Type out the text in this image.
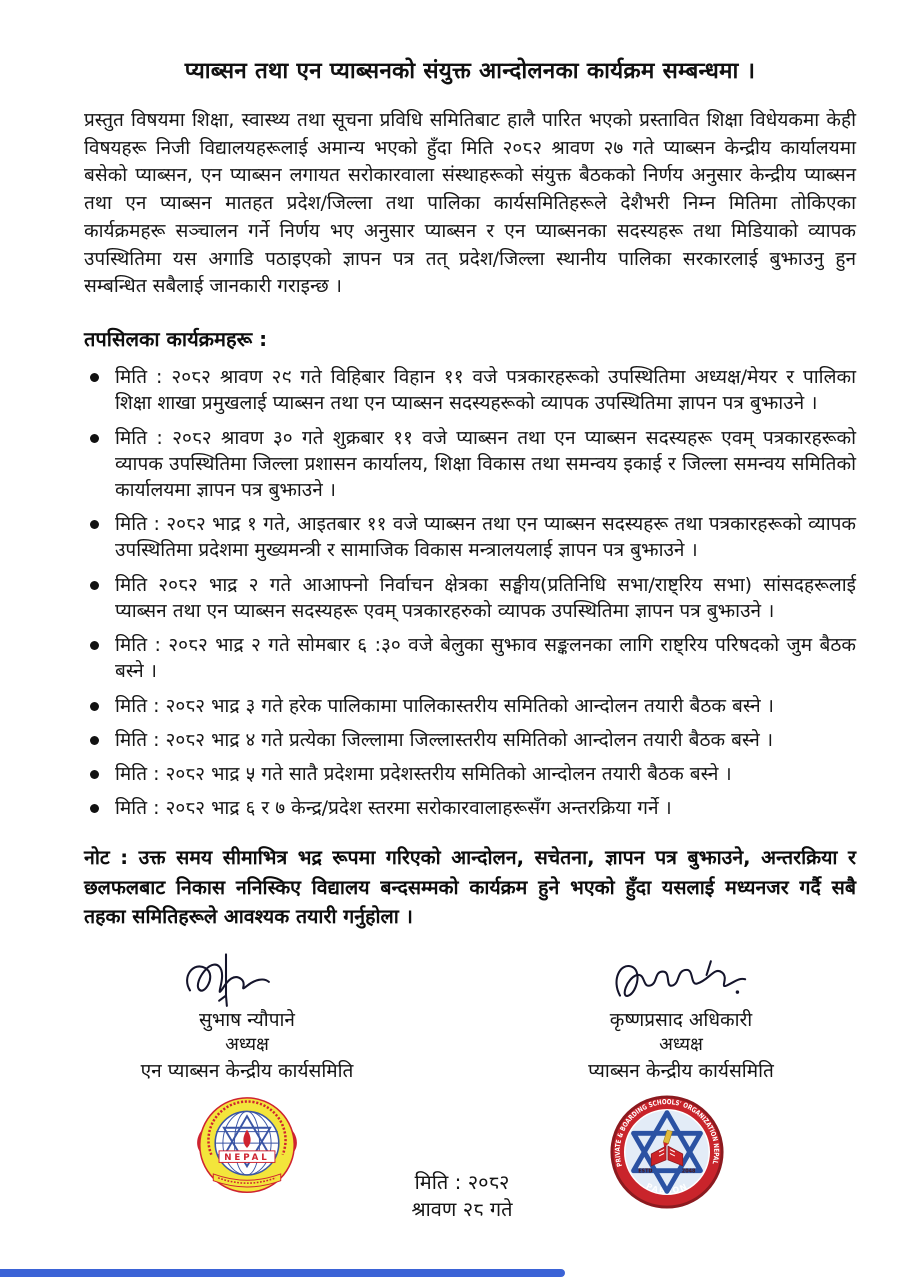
प्याब्सन तथा एन प्याब्सनको संयुक्त आन्दोलनका कार्यक्रम सम्बन्धमा ।

प्रस्तुत विषयमा शिक्षा, स्वास्थ्य तथा सूचना प्रविधि समितिबाट हालै पारित भएको प्रस्तावित शिक्षा विधेयकमा केही विषयहरू निजी विद्यालयहरूलाई अमान्य भएको हुँदा मिति २०८२ श्रावण २७ गते प्याब्सन केन्द्रीय कार्यालयमा बसेको प्याब्सन, एन प्याब्सन लगायत सरोकारवाला संस्थाहरूको संयुक्त बैठकको निर्णय अनुसार केन्द्रीय प्याब्सन तथा एन प्याब्सन मातहत प्रदेश/जिल्ला तथा पालिका कार्यसमितिहरूले देशैभरी निम्न मितिमा तोकिएका कार्यक्रमहरू सञ्चालन गर्ने निर्णय भए अनुसार प्याब्सन र एन प्याब्सनका सदस्यहरू तथा मिडियाको व्यापक उपस्थितिमा यस अगाडि पठाइएको ज्ञापन पत्र तत् प्रदेश/जिल्ला स्थानीय पालिका सरकारलाई बुझाउनु हुन सम्बन्धित सबैलाई जानकारी गराइन्छ ।

तपसिलका कार्यक्रमहरू :
मिति : २०८२ श्रावण २९ गते विहिबार विहान ११ वजे पत्रकारहरूको उपस्थितिमा अध्यक्ष/मेयर र पालिका शिक्षा शाखा प्रमुखलाई प्याब्सन तथा एन प्याब्सन सदस्यहरूको व्यापक उपस्थितिमा ज्ञापन पत्र बुझाउने ।
मिति : २०८२ श्रावण ३० गते शुक्रबार ११ वजे प्याब्सन तथा एन प्याब्सन सदस्यहरू एवम् पत्रकारहरूको व्यापक उपस्थितिमा जिल्ला प्रशासन कार्यालय, शिक्षा विकास तथा समन्वय इकाई र जिल्ला समन्वय समितिको कार्यालयमा ज्ञापन पत्र बुझाउने ।
मिति : २०८२ भाद्र १ गते, आइतबार ११ वजे प्याब्सन तथा एन प्याब्सन सदस्यहरू तथा पत्रकारहरूको व्यापक उपस्थितिमा प्रदेशमा मुख्यमन्त्री र सामाजिक विकास मन्त्रालयलाई ज्ञापन पत्र बुझाउने ।
मिति २०८२ भाद्र २ गते आआफ्नो निर्वाचन क्षेत्रका सङ्घीय(प्रतिनिधि सभा/राष्ट्रिय सभा) सांसदहरूलाई प्याब्सन तथा एन प्याब्सन सदस्यहरू एवम् पत्रकारहरुको व्यापक उपस्थितिमा ज्ञापन पत्र बुझाउने ।
मिति : २०८२ भाद्र २ गते सोमबार ६ :३० वजे बेलुका सुझाव सङ्कलनका लागि राष्ट्रिय परिषदको जुम बैठक बस्ने ।
मिति : २०८२ भाद्र ३ गते हरेक पालिकामा पालिकास्तरीय समितिको आन्दोलन तयारी बैठक बस्ने ।
मिति : २०८२ भाद्र ४ गते प्रत्येका जिल्लामा जिल्लास्तरीय समितिको आन्दोलन तयारी बैठक बस्ने ।
मिति : २०८२ भाद्र ५ गते सातै प्रदेशमा प्रदेशस्तरीय समितिको आन्दोलन तयारी बैठक बस्ने ।
मिति : २०८२ भाद्र ६ र ७ केन्द्र/प्रदेश स्तरमा सरोकारवालाहरूसँग अन्तरक्रिया गर्ने ।

नोट : उक्त समय सीमाभित्र भद्र रूपमा गरिएको आन्दोलन, सचेतना, ज्ञापन पत्र बुझाउने, अन्तरक्रिया र छलफलबाट निकास ननिस्किए विद्यालय बन्दसम्मको कार्यक्रम हुने भएको हुँदा यसलाई मध्यनजर गर्दै सबै तहका समितिहरूले आवश्यक तयारी गर्नुहोला ।

सुभाष न्यौपाने
अध्यक्ष
एन प्याब्सन केन्द्रीय कार्यसमिति
कृष्णप्रसाद अधिकारी
अध्यक्ष
प्याब्सन केन्द्रीय कार्यसमिति
NEPAL
मिति : २०८२ श्रावण २८ गते
PRIVATE & BOARDING SCHOOLS' ORGANIZATION NEPAL
PABSON
ESTD	2048
